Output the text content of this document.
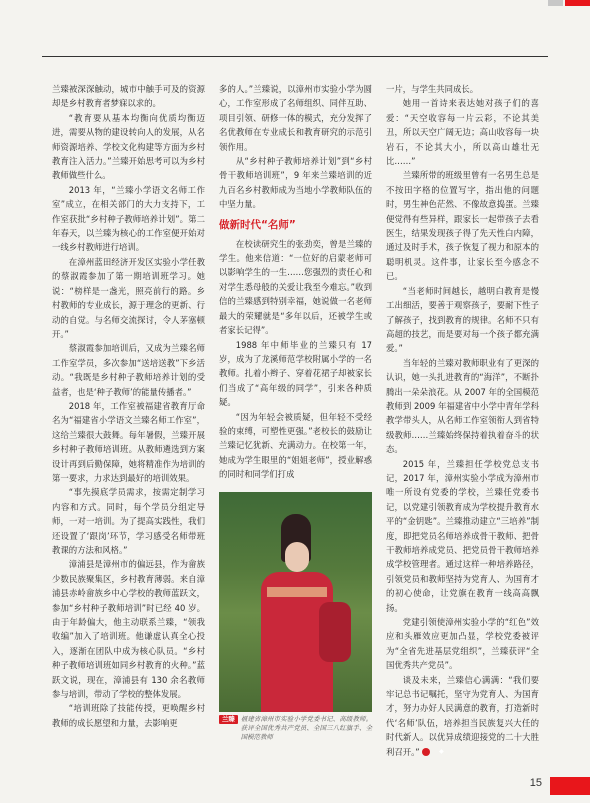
兰臻被深深触动，城市中触手可及的资源却是乡村教育者梦寐以求的。

“教育要从基本均衡向优质均衡迈进，需要从物的建设转向人的发展，从名师资源培养、学校文化构建等方面为乡村教育注入活力。”兰臻开始思考可以为乡村教师做些什么。

2013 年，“兰臻小学语文名师工作室”成立，在相关部门的大力支持下，工作室获批“乡村种子教师培养计划”。第二年春天，以兰臻为核心的工作室便开始对一线乡村教师进行培训。

在漳州蓝田经济开发区实验小学任教的蔡淑霞参加了第一期培训班学习。她说：“榜样是一盏光，照亮前行的路。乡村教师的专业成长，源于理念的更新、行动的自觉。与名师交流探讨，令人茅塞顿开。”

蔡淑霞参加培训后，又成为兰臻名师工作室学员，多次参加“送培送教”下乡活动。“我既是乡村种子教师培养计划的受益者，也是‘种子教师’的能量传播者。”

2018 年，工作室被福建省教育厅命名为“福建省小学语文兰臻名师工作室”，这给兰臻很大鼓舞。每年暑假，兰臻开展乡村种子教师培训班。从教师遴选到方案设计再到后勤保障，她将精准作为培训的第一要求，力求达到最好的培训效果。

“事先摸底学员需求，按需定制学习内容和方式。同时，每个学员分组定导师，一对一培训。为了提高实践性，我们还设置了‘跟岗’环节，学习感受名师带班教课的方法和风格。”

漳浦县是漳州市的偏远县，作为畲族少数民族聚集区，乡村教育薄弱。来自漳浦县赤岭畲族乡中心学校的教师蓝跃文，参加“乡村种子教师培训”时已经 40 岁。由于年龄偏大，他主动联系兰臻，“领我收编”加入了培训班。他谦虚认真全心投入，逐渐在团队中成为核心队员。“乡村种子教师培训班如同乡村教育的火种。”蓝跃文说，现在，漳浦县有 130 余名教师参与培训，带动了学校的整体发展。

“培训班除了技能传授，更唤醒乡村教师的成长愿望和力量，去影响更

多的人。”兰臻说，以漳州市实验小学为圆心，工作室形成了名师组织、同伴互助、项目引领、研修一体的模式，充分发挥了名优教师在专业成长和教育研究的示范引领作用。

从“乡村种子教师培养计划”到“乡村骨干教师培训班”，9 年来兰臻培训的近九百名乡村教师成为当地小学教师队伍的中坚力量。

做新时代“名师”

在校读研究生的张劲奕，曾是兰臻的学生。他来信道：“一位好的启蒙老师可以影响学生的一生……您强烈的责任心和对学生悉母般的关爱让我至今难忘。”收到信的兰臻感到特别幸福，她说做一名老师最大的荣耀就是“多年以后，还被学生或者家长记得”。

1988 年中师毕业的兰臻只有 17 岁，成为了龙溪师范学校附属小学的一名教师。扎着小辫子、穿着花裙子却被家长们当成了“高年级的同学”，引来各种质疑。

“因为年轻会被质疑，但年轻不受经验的束缚，可塑性更强。”老校长的鼓励让兰臻记忆犹新、充满动力。在校第一年，她成为学生眼里的“姐姐老师”，授业解惑的同时和同学们打成

兰臻 福建省漳州市实验小学党委书记、高级教师。获评全国优秀共产党员、全国三八红旗手、全国模范教师

一片，与学生共同成长。

她用一首诗来表达她对孩子们的喜爱：“天空收容每一片云彩，不论其美丑，所以天空广阔无边；高山收容每一块岩石，不论其大小，所以高山雄壮无比……”

兰臻所带的班级里曾有一名男生总是不按田字格的位置写字，指出他的问题时，男生神色茫然、不像故意捣蛋。兰臻便觉得有些异样，跟家长一起带孩子去看医生，结果发现孩子得了先天性白内障，通过及时手术，孩子恢复了视力和原本的聪明机灵。这件事，让家长至今感念不已。

“当老师时间越长，越明白教育是慢工出细活，要善于观察孩子，要耐下性子了解孩子，找到教育的规律。名师不只有高超的技艺，而是要对每一个孩子都充满爱。”

当年轻的兰臻对教师职业有了更深的认识，她一头扎进教育的“海洋”，不断扑腾出一朵朵浪花。从 2007 年的全国模范教师到 2009 年福建省中小学中青年学科教学带头人，从名师工作室领衔人到省特级教师……兰臻始终保持着执着奋斗的状态。

2015 年，兰臻担任学校党总支书记，2017 年，漳州实验小学成为漳州市唯一所设有党委的学校，兰臻任党委书记，以党建引领教育成为学校提升教育水平的“金钥匙”。兰臻推动建立“三培养”制度，即把党员名师培养成骨干教师、把骨干教师培养成党员、把党员骨干教师培养成学校管理者。通过这样一种培养路径，引领党员和教师坚持为党育人、为国育才的初心使命，让党旗在教育一线高高飘扬。

党建引领使漳州实验小学的“红色”效应和头雁效应更加凸显，学校党委被评为“全省先进基层党组织”，兰臻获评“全国优秀共产党员”。

谈及未来，兰臻信心满满：“我们要牢记总书记嘱托，坚守为党育人、为国育才，努力办好人民满意的教育，打造新时代‘名师’队伍，培养担当民族复兴大任的时代新人。以优异成绩迎接党的二十大胜利召开。”	◆

15
